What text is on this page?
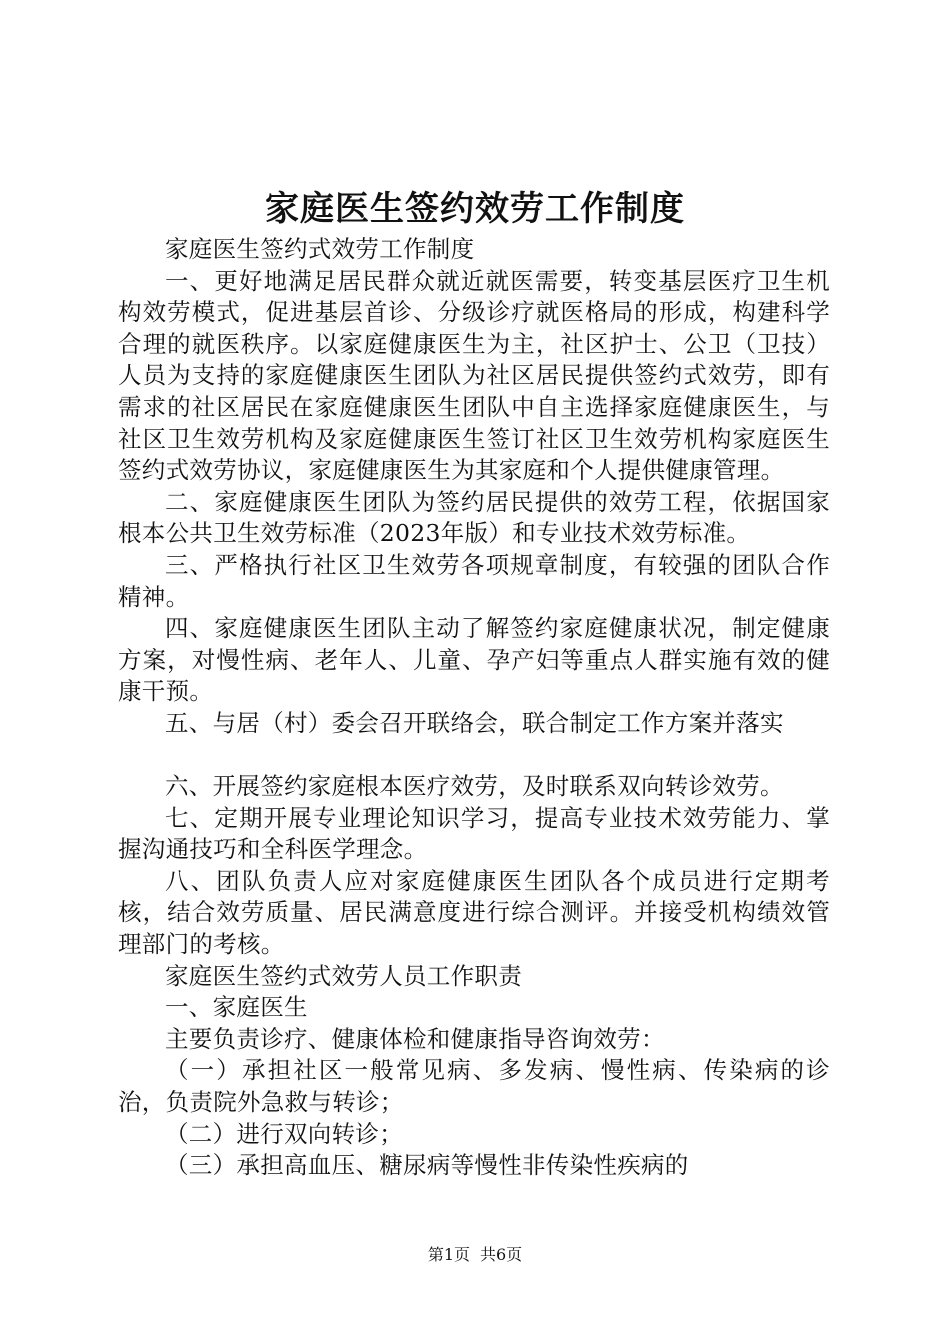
家庭医生签约效劳工作制度

家庭医生签约式效劳工作制度

一、更好地满足居民群众就近就医需要，转变基层医疗卫生机构效劳模式，促进基层首诊、分级诊疗就医格局的形成，构建科学合理的就医秩序。以家庭健康医生为主，社区护士、公卫（卫技）人员为支持的家庭健康医生团队为社区居民提供签约式效劳，即有需求的社区居民在家庭健康医生团队中自主选择家庭健康医生，与社区卫生效劳机构及家庭健康医生签订社区卫生效劳机构家庭医生签约式效劳协议，家庭健康医生为其家庭和个人提供健康管理。

二、家庭健康医生团队为签约居民提供的效劳工程，依据国家根本公共卫生效劳标准（2023年版）和专业技术效劳标准。

三、严格执行社区卫生效劳各项规章制度，有较强的团队合作精神。

四、家庭健康医生团队主动了解签约家庭健康状况，制定健康方案，对慢性病、老年人、儿童、孕产妇等重点人群实施有效的健康干预。

五、与居（村）委会召开联络会，联合制定工作方案并落实

六、开展签约家庭根本医疗效劳，及时联系双向转诊效劳。

七、定期开展专业理论知识学习，提高专业技术效劳能力、掌握沟通技巧和全科医学理念。

八、团队负责人应对家庭健康医生团队各个成员进行定期考核，结合效劳质量、居民满意度进行综合测评。并接受机构绩效管理部门的考核。

家庭医生签约式效劳人员工作职责

一、家庭医生

主要负责诊疗、健康体检和健康指导咨询效劳：

（一）承担社区一般常见病、多发病、慢性病、传染病的诊治，负责院外急救与转诊；

（二）进行双向转诊；

（三）承担高血压、糖尿病等慢性非传染性疾病的

第1页 共6页
